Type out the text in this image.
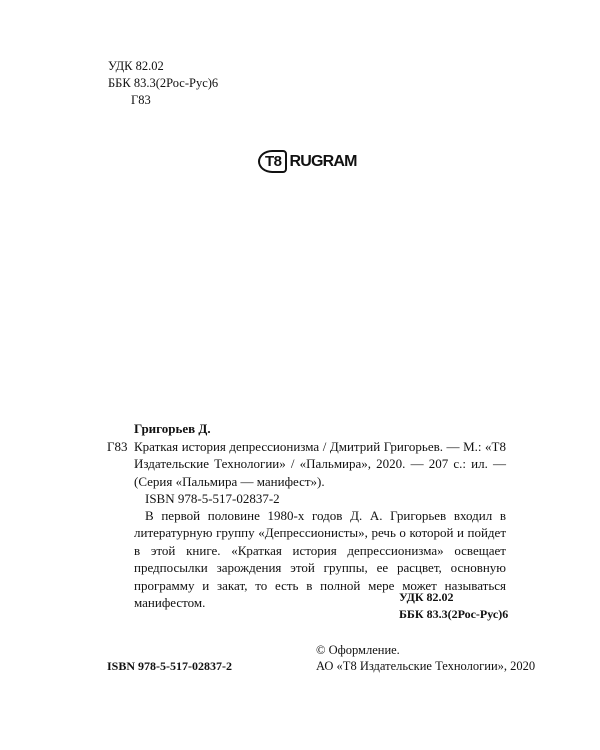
УДК 82.02
ББК 83.3(2Рос-Рус)6
Г83
T8 RUGRAM
Григорьев Д.
Г83 Краткая история депрессионизма / Дмитрий Григорьев. — М.: «Т8 Издательские Технологии» / «Пальмира», 2020. — 207 с.: ил. — (Серия «Пальмира — манифест»).
ISBN 978-5-517-02837-2
В первой половине 1980-х годов Д. А. Григорьев входил в литературную группу «Депрессионисты», речь о которой и пойдет в этой книге. «Краткая история депрессионизма» освещает предпосылки зарождения этой группы, ее расцвет, основную программу и закат, то есть в полной мере может называться манифестом.	УДК 82.02
ББК 83.3(2Рос-Рус)6
© Оформление.
АО «Т8 Издательские Технологии», 2020
ISBN 978-5-517-02837-2
